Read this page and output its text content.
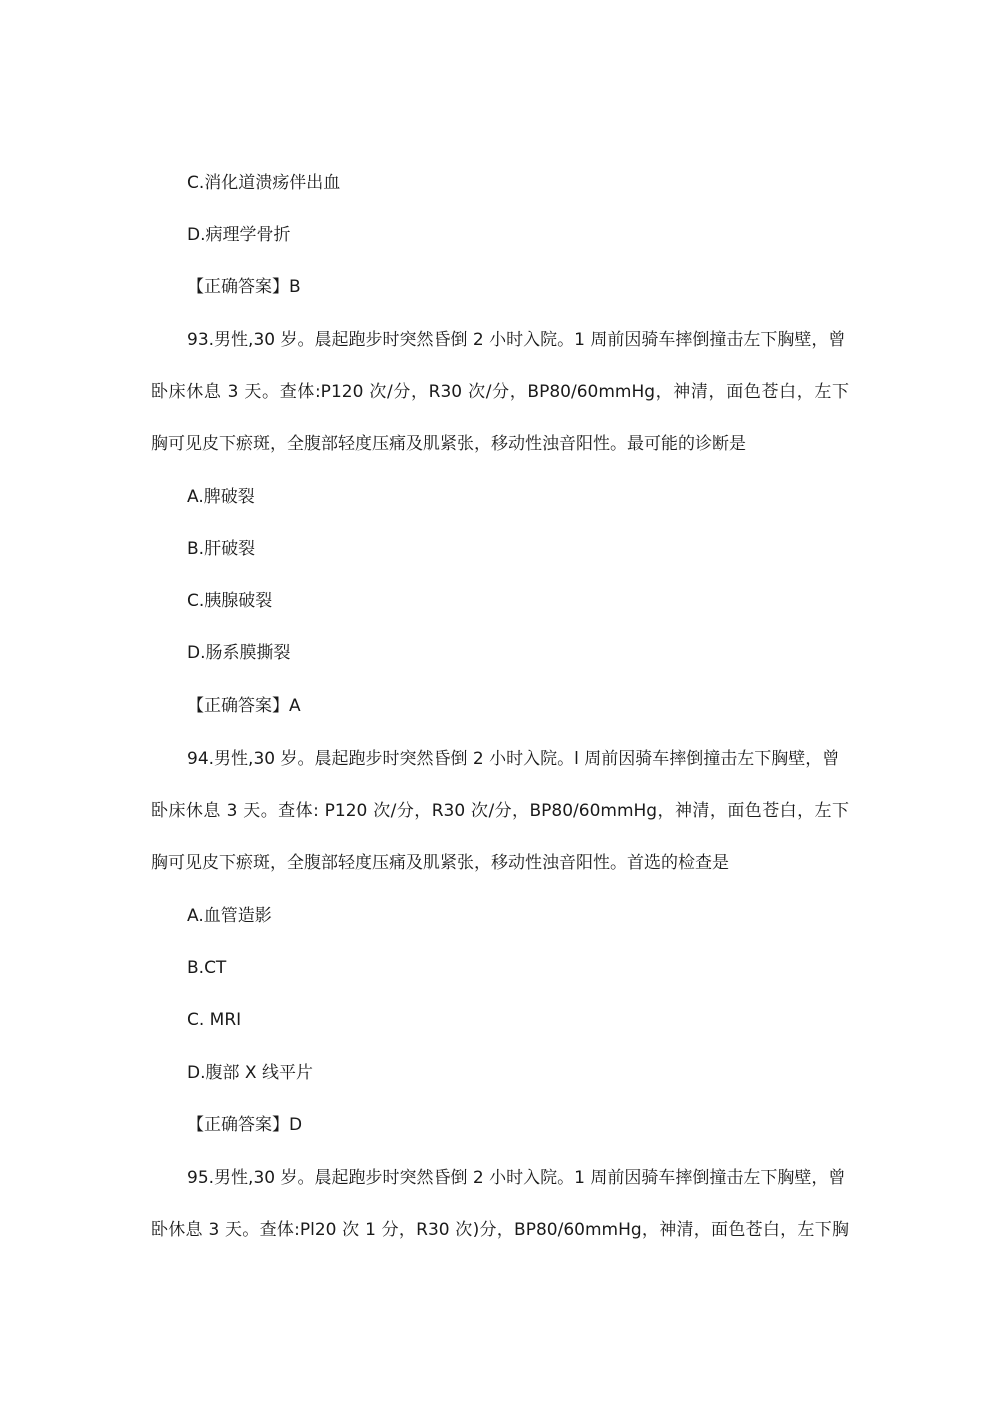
C.消化道溃疡伴出血
D.病理学骨折
【正确答案】B
93.男性,30 岁。晨起跑步时突然昏倒 2 小时入院。1 周前因骑车摔倒撞击左下胸壁，曾
卧床休息 3 天。查体:P120 次/分，R30 次/分，BP80/60mmHg，神清，面色苍白，左下
胸可见皮下瘀斑，全腹部轻度压痛及肌紧张，移动性浊音阳性。最可能的诊断是
A.脾破裂
B.肝破裂
C.胰腺破裂
D.肠系膜撕裂
【正确答案】A
94.男性,30 岁。晨起跑步时突然昏倒 2 小时入院。l 周前因骑车摔倒撞击左下胸壁，曾
卧床休息 3 天。查体: P120 次/分，R30 次/分，BP80/60mmHg，神清，面色苍白，左下
胸可见皮下瘀斑，全腹部轻度压痛及肌紧张，移动性浊音阳性。首选的检查是
A.血管造影
B.CT
C. MRI
D.腹部 X 线平片
【正确答案】D
95.男性,30 岁。晨起跑步时突然昏倒 2 小时入院。1 周前因骑车摔倒撞击左下胸壁，曾
卧休息 3 天。查体:Pl20 次 1 分，R30 次)分，BP80/60mmHg，神清，面色苍白，左下胸
